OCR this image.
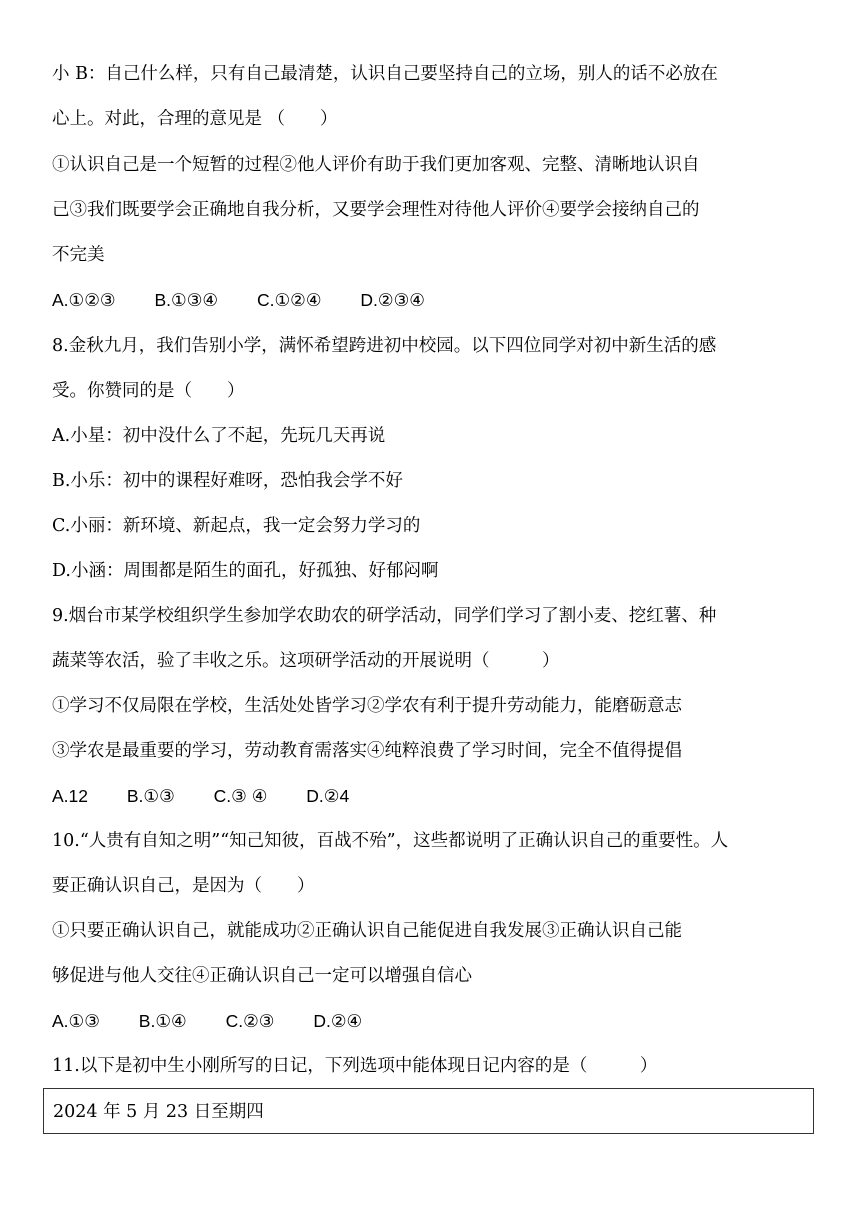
小 B：自己什么样，只有自己最清楚，认识自己要坚持自己的立场，别人的话不必放在
心上。对此，合理的意见是 （　　）
①认识自己是一个短暂的过程②他人评价有助于我们更加客观、完整、清晰地认识自
己③我们既要学会正确地自我分析，又要学会理性对待他人评价④要学会接纳自己的
不完美
A.①②③ B.①③④ C.①②④ D.②③④
8.金秋九月，我们告别小学，满怀希望跨进初中校园。以下四位同学对初中新生活的感
受。你赞同的是（　　）
A.小星：初中没什么了不起，先玩几天再说
B.小乐：初中的课程好难呀，恐怕我会学不好
C.小丽：新环境、新起点，我一定会努力学习的
D.小涵：周围都是陌生的面孔，好孤独、好郁闷啊
9.烟台市某学校组织学生参加学农助农的研学活动，同学们学习了割小麦、挖红薯、种
蔬菜等农活，验了丰收之乐。这项研学活动的开展说明（　　　）
①学习不仅局限在学校，生活处处皆学习②学农有利于提升劳动能力，能磨砺意志
③学农是最重要的学习，劳动教育需落实④纯粹浪费了学习时间，完全不值得提倡
A.12 B.①③ C.③ ④ D.②4
10.“人贵有自知之明”“知己知彼，百战不殆”，这些都说明了正确认识自己的重要性。人
要正确认识自己，是因为（　　）
①只要正确认识自己，就能成功②正确认识自己能促进自我发展③正确认识自己能
够促进与他人交往④正确认识自己一定可以增强自信心
A.①③ B.①④ C.②③ D.②④
11.以下是初中生小刚所写的日记，下列选项中能体现日记内容的是（　　　）
2024 年 5 月 23 日至期四
